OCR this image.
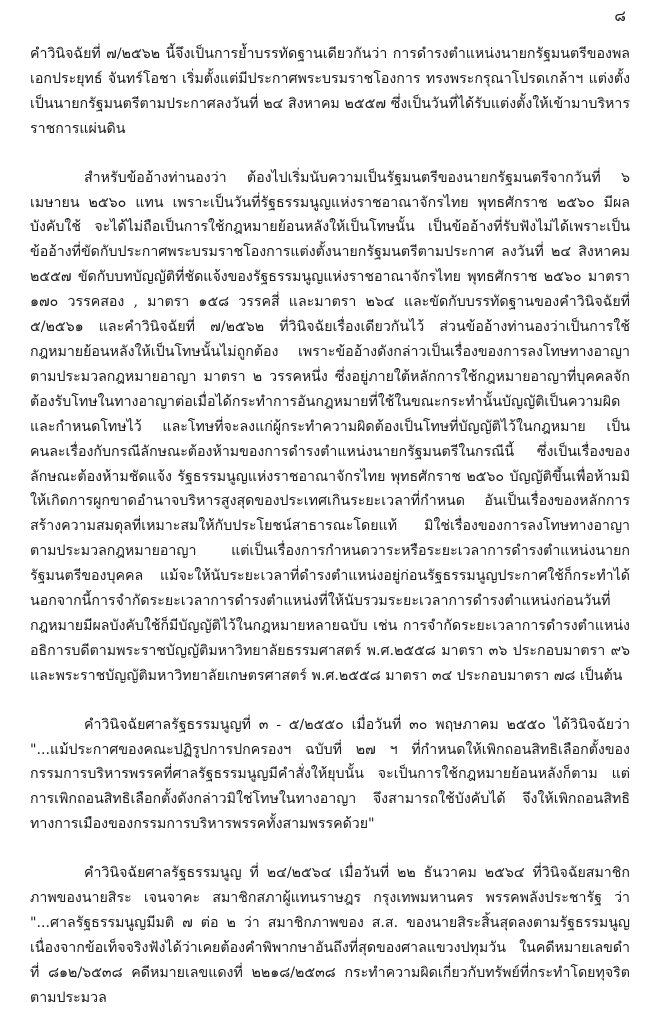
๘

คำวินิจฉัยที่ ๗/๒๕๖๒ นี้จึงเป็นการย้ำบรรทัดฐานเดียวกันว่า การดำรงตำแหน่งนายกรัฐมนตรีของพลเอกประยุทธ์ จันทร์โอชา เริ่มตั้งแต่มีประกาศพระบรมราชโองการ ทรงพระกรุณาโปรดเกล้าฯ แต่งตั้งเป็นนายกรัฐมนตรีตามประกาศลงวันที่ ๒๔ สิงหาคม ๒๕๕๗ ซึ่งเป็นวันที่ได้รับแต่งตั้งให้เข้ามาบริหารราชการแผ่นดิน

สำหรับข้ออ้างท่านองว่า ต้องไปเริ่มนับความเป็นรัฐมนตรีของนายกรัฐมนตรีจากวันที่ ๖ เมษายน ๒๕๖๐ แทน เพราะเป็นวันที่รัฐธรรมนูญแห่งราชอาณาจักรไทย พุทธศักราช ๒๕๖๐ มีผลบังคับใช้ จะได้ไม่ถือเป็นการใช้กฎหมายย้อนหลังให้เป็นโทษนั้น เป็นข้ออ้างที่รับฟังไม่ได้เพราะเป็นข้ออ้างที่ขัดกับประกาศพระบรมราชโองการแต่งตั้งนายกรัฐมนตรีตามประกาศ ลงวันที่ ๒๔ สิงหาคม ๒๕๕๗ ขัดกับบทบัญญัติที่ชัดแจ้งของรัฐธรรมนูญแห่งราชอาณาจักรไทย พุทธศักราช ๒๕๖๐ มาตรา ๑๗๐ วรรคสอง , มาตรา ๑๕๘ วรรคสี่ และมาตรา ๒๖๔ และขัดกับบรรทัดฐานของคำวินิจฉัยที่ ๕/๒๕๖๑ และคำวินิจฉัยที่ ๗/๒๕๖๒ ที่วินิจฉัยเรื่องเดียวกันไว้ ส่วนข้ออ้างท่านองว่าเป็นการใช้กฎหมายย้อนหลังให้เป็นโทษนั้นไม่ถูกต้อง เพราะข้ออ้างดังกล่าวเป็นเรื่องของการลงโทษทางอาญาตามประมวลกฎหมายอาญา มาตรา ๒ วรรคหนึ่ง ซึ่งอยู่ภายใต้หลักการใช้กฎหมายอาญาที่บุคคลจักต้องรับโทษในทางอาญาต่อเมื่อได้กระทำการอันกฎหมายที่ใช้ในขณะกระทำนั้นบัญญัติเป็นความผิดและกำหนดโทษไว้ และโทษที่จะลงแก่ผู้กระทำความผิดต้องเป็นโทษที่บัญญัติไว้ในกฎหมาย เป็นคนละเรื่องกับกรณีลักษณะต้องห้ามของการดำรงตำแหน่งนายกรัฐมนตรีในกรณีนี้ ซึ่งเป็นเรื่องของลักษณะต้องห้ามชัดแจ้ง รัฐธรรมนูญแห่งราชอาณาจักรไทย พุทธศักราช ๒๕๖๐ บัญญัติขึ้นเพื่อห้ามมิให้เกิดการผูกขาดอำนาจบริหารสูงสุดของประเทศเกินระยะเวลาที่กำหนด อันเป็นเรื่องของหลักการสร้างความสมดุลที่เหมาะสมให้กับประโยชน์สาธารณะโดยแท้ มิใช่เรื่องของการลงโทษทางอาญาตามประมวลกฎหมายอาญา แต่เป็นเรื่องการกำหนดวาระหรือระยะเวลาการดำรงตำแหน่งนายกรัฐมนตรีของบุคคล แม้จะให้นับระยะเวลาที่ดำรงตำแหน่งอยู่ก่อนรัฐธรรมนูญประกาศใช้ก็กระทำได้ นอกจากนี้การจำกัดระยะเวลาการดำรงตำแหน่งที่ให้นับรวมระยะเวลาการดำรงตำแหน่งก่อนวันที่กฎหมายมีผลบังคับใช้ก็มีบัญญัติไว้ในกฎหมายหลายฉบับ เช่น การจำกัดระยะเวลาการดำรงตำแหน่งอธิการบดีตามพระราชบัญญัติมหาวิทยาลัยธรรมศาสตร์ พ.ศ.๒๕๕๘ มาตรา ๓๖ ประกอบมาตรา ๙๖ และพระราชบัญญัติมหาวิทยาลัยเกษตรศาสตร์ พ.ศ.๒๕๕๘ มาตรา ๓๔ ประกอบมาตรา ๗๘ เป็นต้น

คำวินิจฉัยศาลรัฐธรรมนูญที่ ๓ - ๕/๒๕๕๐ เมื่อวันที่ ๓๐ พฤษภาคม ๒๕๕๐ ได้วินิจฉัยว่า "...แม้ประกาศของคณะปฏิรูปการปกครองฯ ฉบับที่ ๒๗ ฯ ที่กำหนดให้เพิกถอนสิทธิเลือกตั้งของกรรมการบริหารพรรคที่ศาลรัฐธรรมนูญมีคำสั่งให้ยุบนั้น จะเป็นการใช้กฎหมายย้อนหลังก็ตาม แต่การเพิกถอนสิทธิเลือกตั้งดังกล่าวมิใช่โทษในทางอาญา จึงสามารถใช้บังคับได้ จึงให้เพิกถอนสิทธิทางการเมืองของกรรมการบริหารพรรคทั้งสามพรรคด้วย"

คำวินิจฉัยศาลรัฐธรรมนูญ ที่ ๒๔/๒๕๖๔ เมื่อวันที่ ๒๒ ธันวาคม ๒๕๖๔ ที่วินิจฉัยสมาชิกภาพของนายสิระ เจนจาคะ สมาชิกสภาผู้แทนราษฎร กรุงเทพมหานคร พรรคพลังประชารัฐ ว่า "...ศาลรัฐธรรมนูญมีมติ ๗ ต่อ ๒ ว่า สมาชิกภาพของ ส.ส. ของนายสิระสิ้นสุดลงตามรัฐธรรมนูญ เนื่องจากข้อเท็จจริงฟังได้ว่าเคยต้องคำพิพากษาอันถึงที่สุดของศาลแขวงปทุมวัน ในคดีหมายเลขดำที่ ๘๑๒/๖๕๓๘ คดีหมายเลขแดงที่ ๒๒๑๘/๒๕๓๘ กระทำความผิดเกี่ยวกับทรัพย์ที่กระทำโดยทุจริตตามประมวล
